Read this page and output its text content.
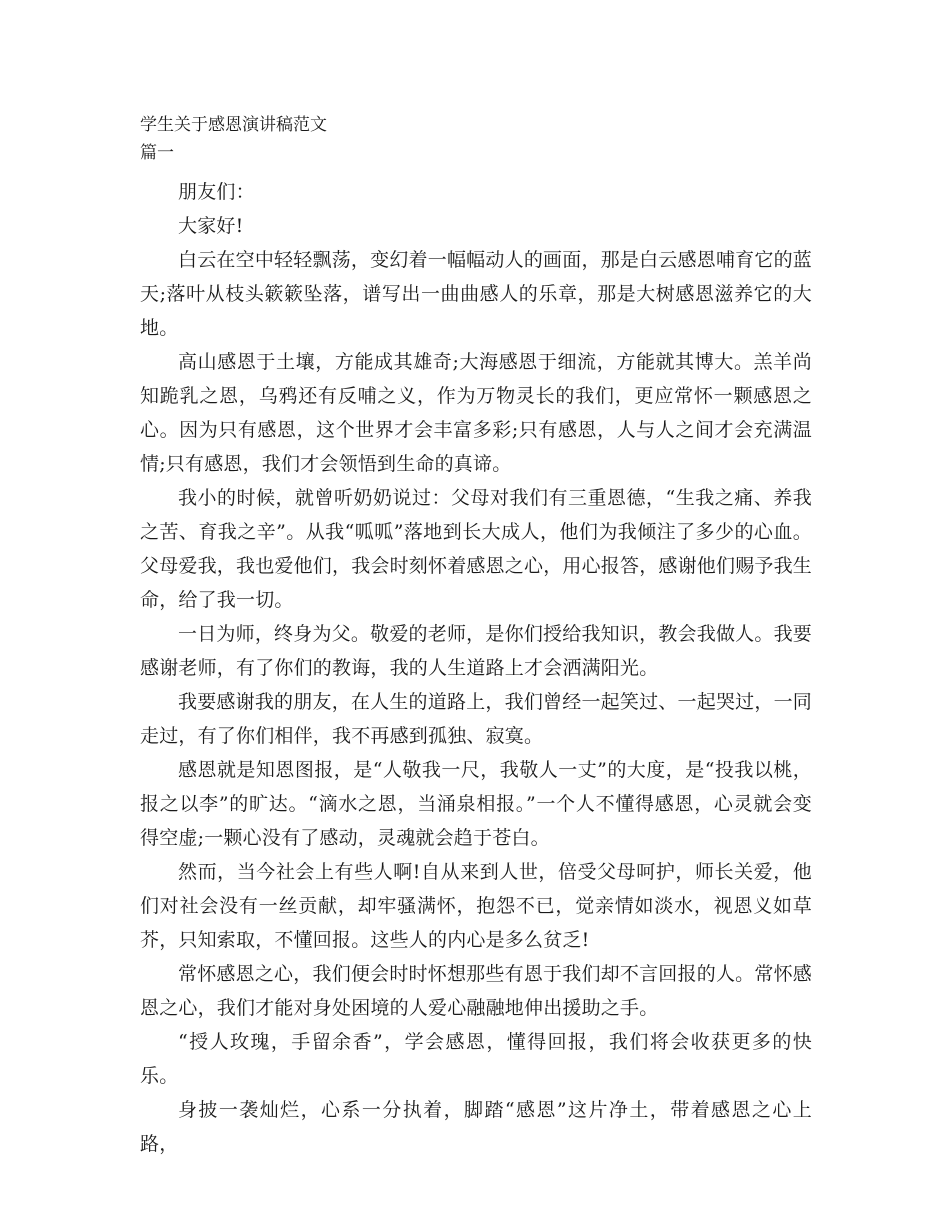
学生关于感恩演讲稿范文
篇一

朋友们：

大家好!

白云在空中轻轻飘荡，变幻着一幅幅动人的画面，那是白云感恩哺育它的蓝天;落叶从枝头簌簌坠落，谱写出一曲曲感人的乐章，那是大树感恩滋养它的大地。

高山感恩于土壤，方能成其雄奇;大海感恩于细流，方能就其博大。羔羊尚知跪乳之恩，乌鸦还有反哺之义，作为万物灵长的我们，更应常怀一颗感恩之心。因为只有感恩，这个世界才会丰富多彩;只有感恩，人与人之间才会充满温情;只有感恩，我们才会领悟到生命的真谛。

我小的时候，就曾听奶奶说过：父母对我们有三重恩德，“生我之痛、养我之苦、育我之辛”。从我“呱呱”落地到长大成人，他们为我倾注了多少的心血。父母爱我，我也爱他们，我会时刻怀着感恩之心，用心报答，感谢他们赐予我生命，给了我一切。

一日为师，终身为父。敬爱的老师，是你们授给我知识，教会我做人。我要感谢老师，有了你们的教诲，我的人生道路上才会洒满阳光。

我要感谢我的朋友，在人生的道路上，我们曾经一起笑过、一起哭过，一同走过，有了你们相伴，我不再感到孤独、寂寞。

感恩就是知恩图报，是“人敬我一尺，我敬人一丈”的大度，是“投我以桃，报之以李”的旷达。“滴水之恩，当涌泉相报。”一个人不懂得感恩，心灵就会变得空虚;一颗心没有了感动，灵魂就会趋于苍白。

然而，当今社会上有些人啊!自从来到人世，倍受父母呵护，师长关爱，他们对社会没有一丝贡献，却牢骚满怀，抱怨不已，觉亲情如淡水，视恩义如草芥，只知索取，不懂回报。这些人的内心是多么贫乏!

常怀感恩之心，我们便会时时怀想那些有恩于我们却不言回报的人。常怀感恩之心，我们才能对身处困境的人爱心融融地伸出援助之手。

“授人玫瑰，手留余香”，学会感恩，懂得回报，我们将会收获更多的快乐。

身披一袭灿烂，心系一分执着，脚踏“感恩”这片净土，带着感恩之心上路，
